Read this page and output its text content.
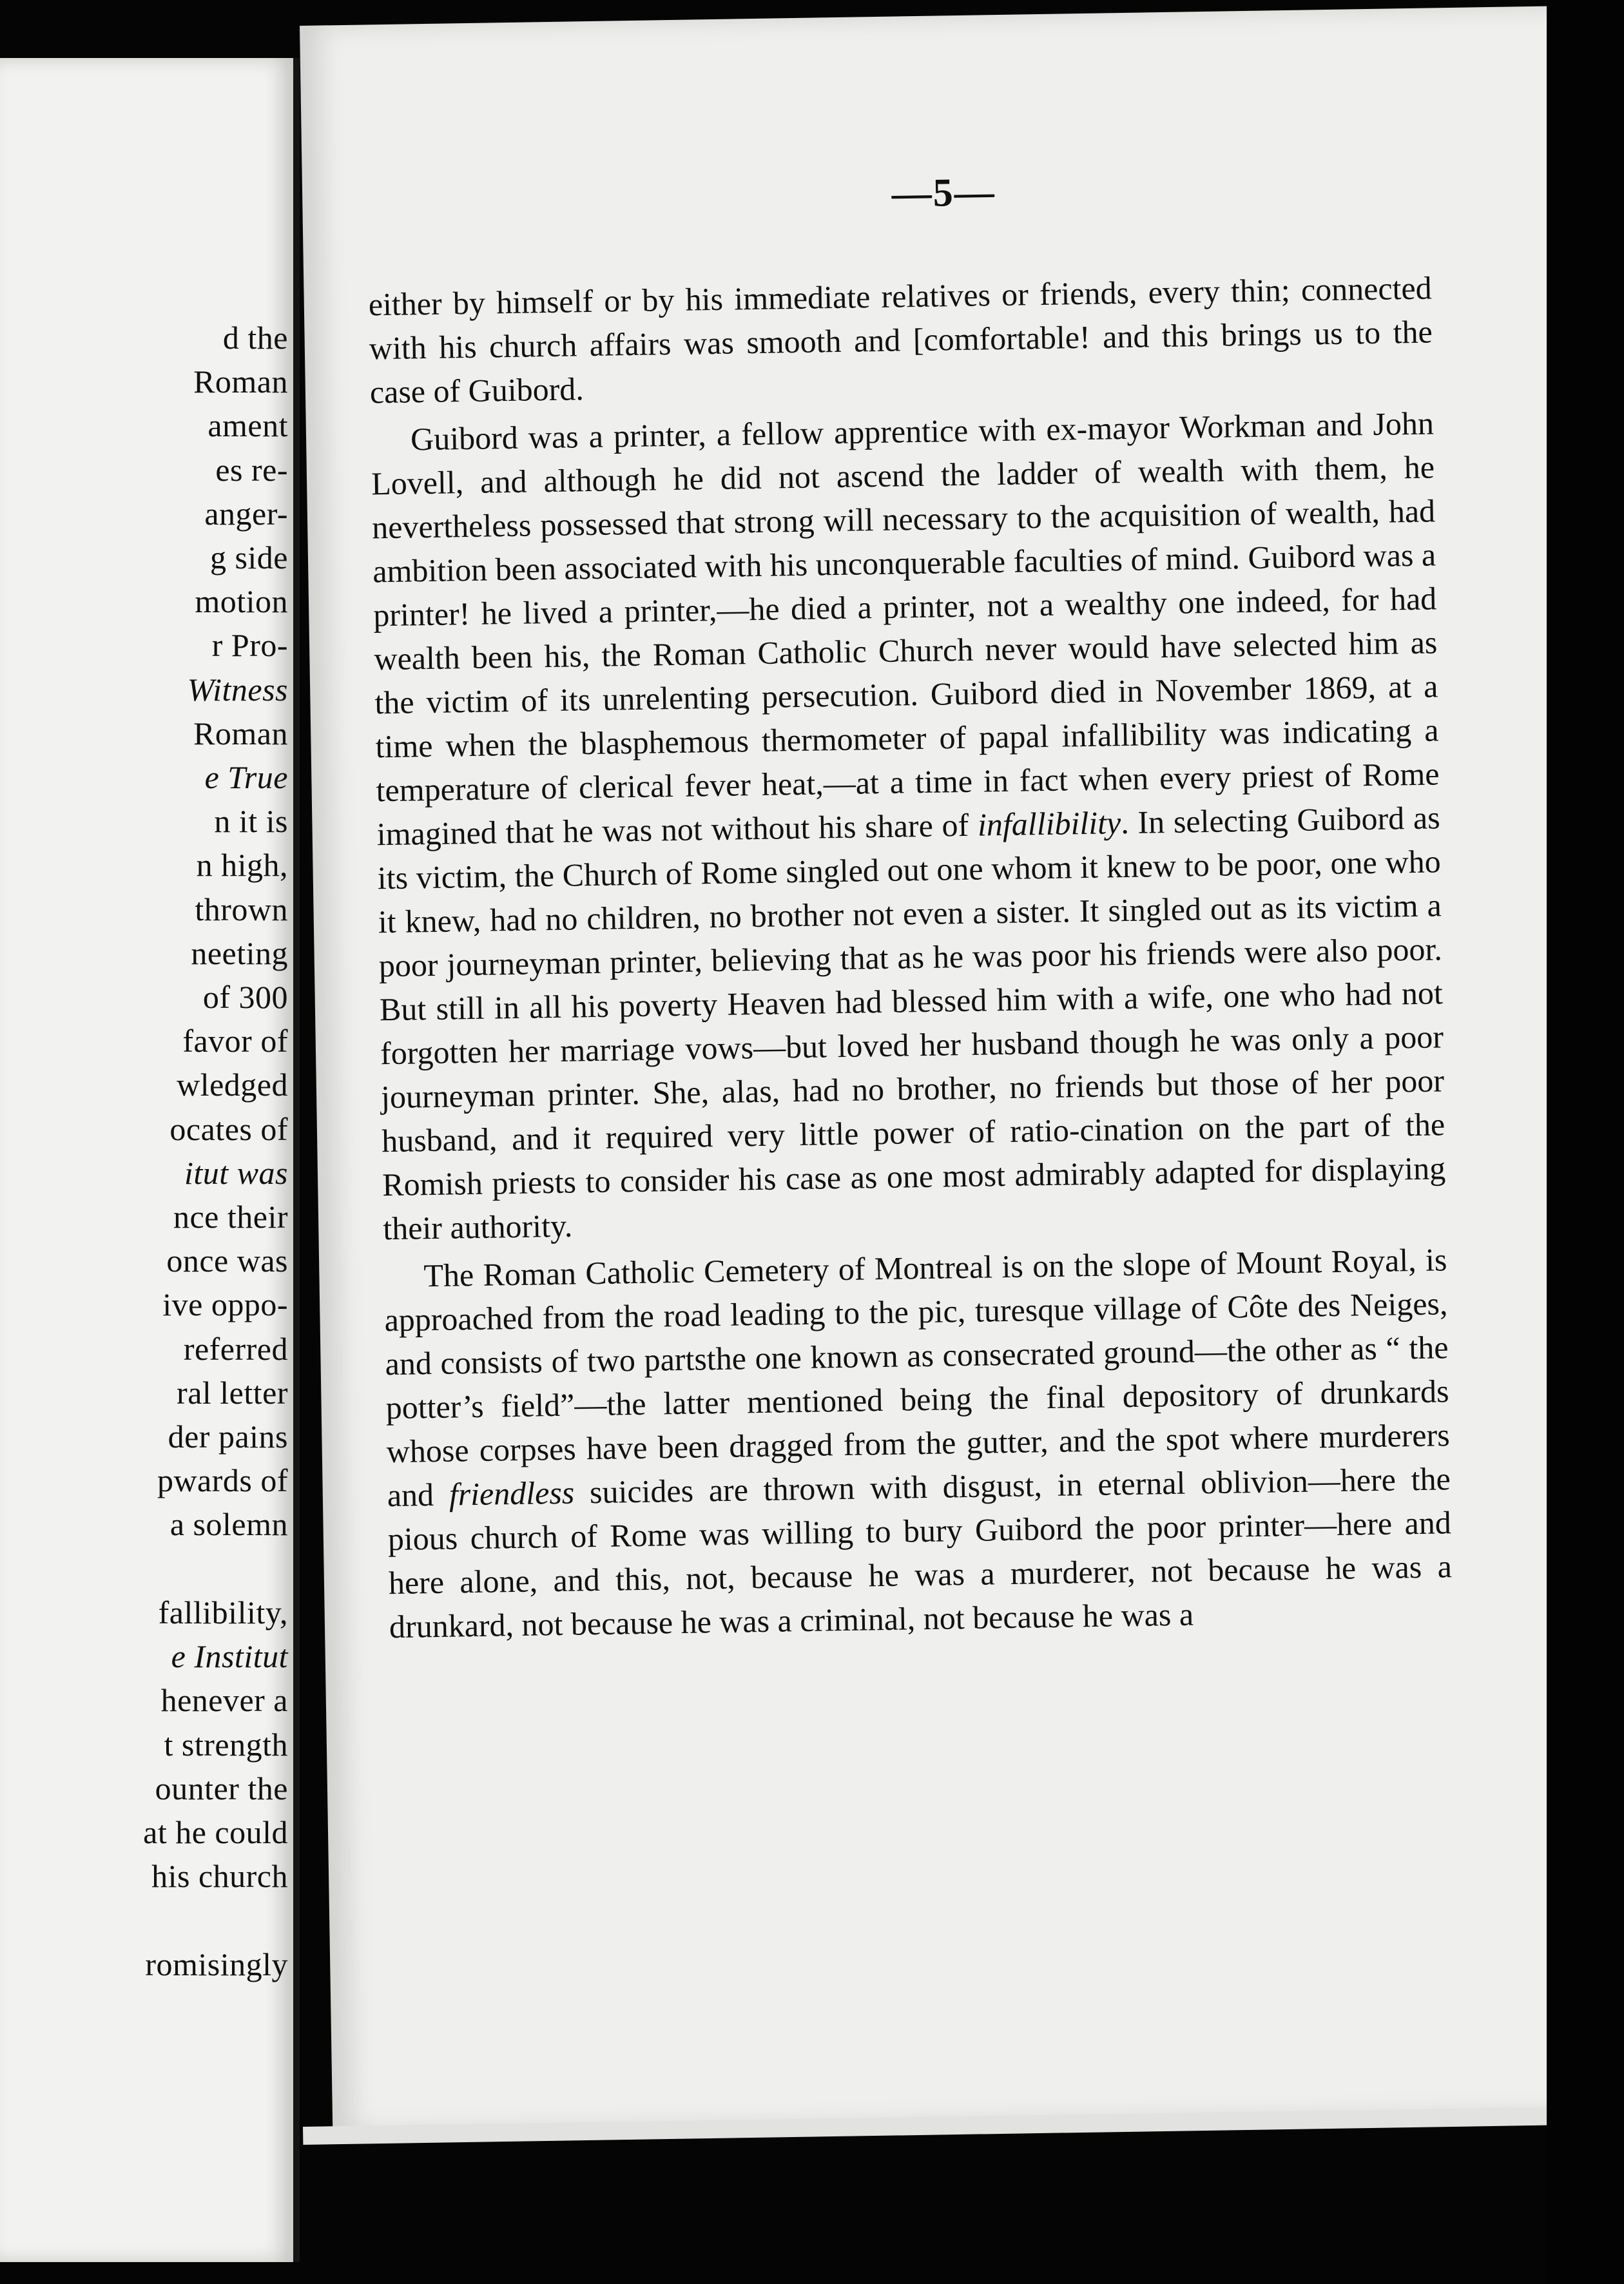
d the
Roman
ament
es re-
anger-
g side
motion
r Pro-
Witness
Roman
e True
n it is
n high,
thrown
neeting
of 300
favor of
wledged
ocates of
itut was
nce their
once was
ive oppo-
referred
ral letter
der pains
pwards of
a solemn

fallibility,
e Institut
henever a
t strength
ounter the
at he could
his church

romisingly
—5—

either by himself or by his immediate relatives or friends, every thin; connected with his church affairs was smooth and [comfortable! and this brings us to the case of Guibord.

Guibord was a printer, a fellow apprentice with ex-mayor Workman and John Lovell, and although he did not ascend the ladder of wealth with them, he nevertheless possessed that strong will necessary to the acquisition of wealth, had ambition been associated with his unconquerable faculties of mind. Guibord was a printer! he lived a printer,—he died a printer, not a wealthy one indeed, for had wealth been his, the Roman Catholic Church never would have selected him as the victim of its unrelenting persecution. Guibord died in November 1869, at a time when the blasphemous thermometer of papal infallibility was indicating a temperature of clerical fever heat,—at a time in fact when every priest of Rome imagined that he was not without his share of infallibility. In selecting Guibord as its victim, the Church of Rome singled out one whom it knew to be poor, one who it knew, had no children, no brother not even a sister. It singled out as its victim a poor journeyman printer, believing that as he was poor his friends were also poor. But still in all his poverty Heaven had blessed him with a wife, one who had not forgotten her marriage vows—but loved her husband though he was only a poor journeyman printer. She, alas, had no brother, no friends but those of her poor husband, and it required very little power of ratio-cination on the part of the Romish priests to consider his case as one most admirably adapted for displaying their authority.

The Roman Catholic Cemetery of Montreal is on the slope of Mount Royal, is approached from the road leading to the pic, turesque village of Côte des Neiges, and consists of two partsthe one known as consecrated ground—the other as “ the potter’s field”—the latter mentioned being the final depository of drunkards whose corpses have been dragged from the gutter, and the spot where murderers and friendless suicides are thrown with disgust, in eternal oblivion—here the pious church of Rome was willing to bury Guibord the poor printer—here and here alone, and this, not, because he was a murderer, not because he was a drunkard, not because he was a criminal, not because he was a
